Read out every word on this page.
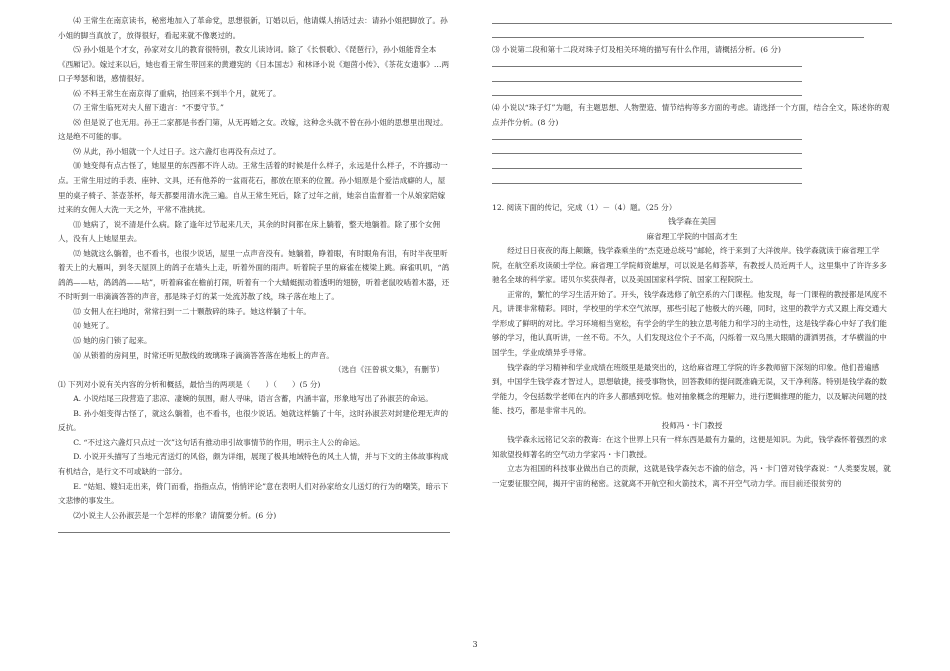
⑷ 王常生在南京读书，秘密地加入了革命党，思想很新，订婚以后，他请媒人捎话过去：请孙小姐把脚放了。孙小姐的脚当真放了，放得很好，看起来就不像裹过的。

⑸ 孙小姐是个才女，孙家对女儿的教育很特别，教女儿读诗词。除了《长恨歌》、《琵琶行》，孙小姐能背全本《西厢记》。嫁过来以后，她也看王常生带回来的黄遵宪的《日本国志》和林译小说《迦茵小传》、《茶花女遗事》…两口子琴瑟和谐，感情很好。

⑹ 不料王常生在南京得了重病，抬回来不到半个月，就死了。

⑺ 王常生临死对夫人留下遗言：“不要守节。”

⑻ 但是说了也无用。孙王二家都是书香门第，从无再婚之女。改嫁，这种念头就不曾在孙小姐的思想里出现过。这是绝不可能的事。

⑼ 从此，孙小姐就一个人过日子。这六盏灯也再没有点过了。

⑽ 她变得有点古怪了，她屋里的东西都不许人动。王常生活着的时候是什么样子，永远是什么样子，不许挪动一点。王常生用过的手表、座钟、文具，还有他养的一盆雨花石，都放在原来的位置。孙小姐原是个爱洁成癖的人，屋里的桌子椅子、茶壶茶杯，每天都要用清水洗三遍。自从王常生死后，除了过年之前，她亲自监督着一个从娘家陪嫁过来的女佣人大洗一天之外，平常不准挑扰。

⑾ 她病了，说不清是什么病。除了逢年过节起来几天，其余的时间都在床上躺着，整天地躺着。除了那个女佣人，没有人上她屋里去。

⑿ 她就这么躺着，也不看书，也很少说话，屋里一点声音没有。她躺着，睁着眼，有时眼角有泪，有时半夜里听着天上的大雁叫，到冬天屋顶上的鸽子在墙头上走，听着外面的雨声。听着院子里的麻雀在楼梁上跳。麻雀叽叽，“鸽鸽鸽——咕，鸽鸽鸽——咕”，听着麻雀在檐前打闹，听着有一个大蜻蜓振动着透明的翅膀，听着老鼠咬啮着木器，还不时听到一串滴滴答答的声音，那是珠子灯的某一处流苏散了线，珠子落在地上了。

⒀ 女佣人在扫地时，常常扫到一二十颗散碎的珠子。她这样躺了十年。

⒁ 她死了。

⒂ 她的房门锁了起来。

⒃ 从锁着的房间里，时常还听见散线的玻璃珠子滴滴答答落在地板上的声音。

（选自《汪曾祺文集》，有删节）

⑴ 下列对小说有关内容的分析和概括，最恰当的两项是（　　）（　　）(5 分)

A. 小说结尾三段营造了悲凉、凄婉的氛围，耐人寻味，语言含蓄，内涵丰富，形象地写出了孙淑芸的命运。

B. 孙小姐变得古怪了，就这么躺着，也不看书，也很少说话。她就这样躺了十年，这时孙淑芸对封建伦理无声的反抗。

C. “不过这六盏灯只点过一次”这句话有推动串引故事情节的作用，明示主人公的命运。

D. 小说开头描写了当地元宵送灯的风俗，颇为详细，展现了极具地域特色的风土人情，并与下文的主体故事构成有机结合，是行文不可或缺的一部分。

E. “姑姐、嫂妇走出来，倚门而看，指指点点，悄悄评论”意在表明人们对孙家给女儿送灯的行为的嘲笑，暗示下文悲惨的事发生。

⑵小说主人公孙淑芸是一个怎样的形象？请简要分析。(6 分)

⑶ 小说第二段和第十二段对珠子灯及相关环境的描写有什么作用，请概括分析。(6 分)

⑷ 小说以“珠子灯”为题，有主题思想、人物塑造、情节结构等多方面的考虑。请选择一个方面，结合全文，陈述你的观点并作分析。(8 分)

12. 阅读下面的传记，完成（1）－（4）题。（25 分）

钱学森在美国

麻省理工学院的中国高才生

经过日日夜夜的海上颠簸，钱学森乘坐的“杰克逊总统号”邮轮，终于来到了大洋彼岸。钱学森就读于麻省理工学院，在航空系攻读硕士学位。麻省理工学院师资雄厚，可以说是名师荟萃，有教授人员近两千人，这里集中了许许多多驰名全球的科学家。诺贝尔奖获得者，以及美国国家科学院、国家工程院院士。

正常的，繁忙的学习生活开始了。开头，钱学森选修了航空系的六门课程。他发现，每一门课程的教授都是风度不凡，讲课非常精彩。同时，学校里的学术空气浓厚，那些引起了他极大的兴趣，同时，这里的教学方式又跟上海交通大学形成了鲜明的对比。学习环境相当宽松，有学会的学生的独立思考能力和学习的主动性，这是钱学森心中好了我们能够的学习，他认真听讲，一丝不苟。不久，人们发现这位个子不高，闪烁着一双乌黑大眼睛的潇洒男孩，才华横溢的中国学生，学业成绩异乎寻常。

钱学森的学习精神和学业成绩在班级里是最突出的，这给麻省理工学院的许多教师留下深刻的印象。他们普遍感到，中国学生钱学森才智过人，思想敏捷，接受事物快，回答教师的提问既准确无误，又干净利落。特别是钱学森的数学能力，令包括数学老师在内的许多人都感到吃惊。他对抽象概念的理解力，进行逻辑推理的能力，以及解决问题的技能、技巧，都是非常丰凡的。

投师冯・卡门教授

钱学森永远铭记父亲的教诲：在这个世界上只有一样东西是最有力量的，这便是知识。为此，钱学森怀着强烈的求知欲望投师著名的空气动力学家冯・卡门教授。

立志为祖国的科技事业做出自己的贡献，这就是钱学森矢志不渝的信念，冯・卡门曾对钱学森说：“人类要发展，就一定要征服空间，揭开宇宙的秘密。这就离不开航空和火箭技术，离不开空气动力学。而目前还很贫穷的

3
